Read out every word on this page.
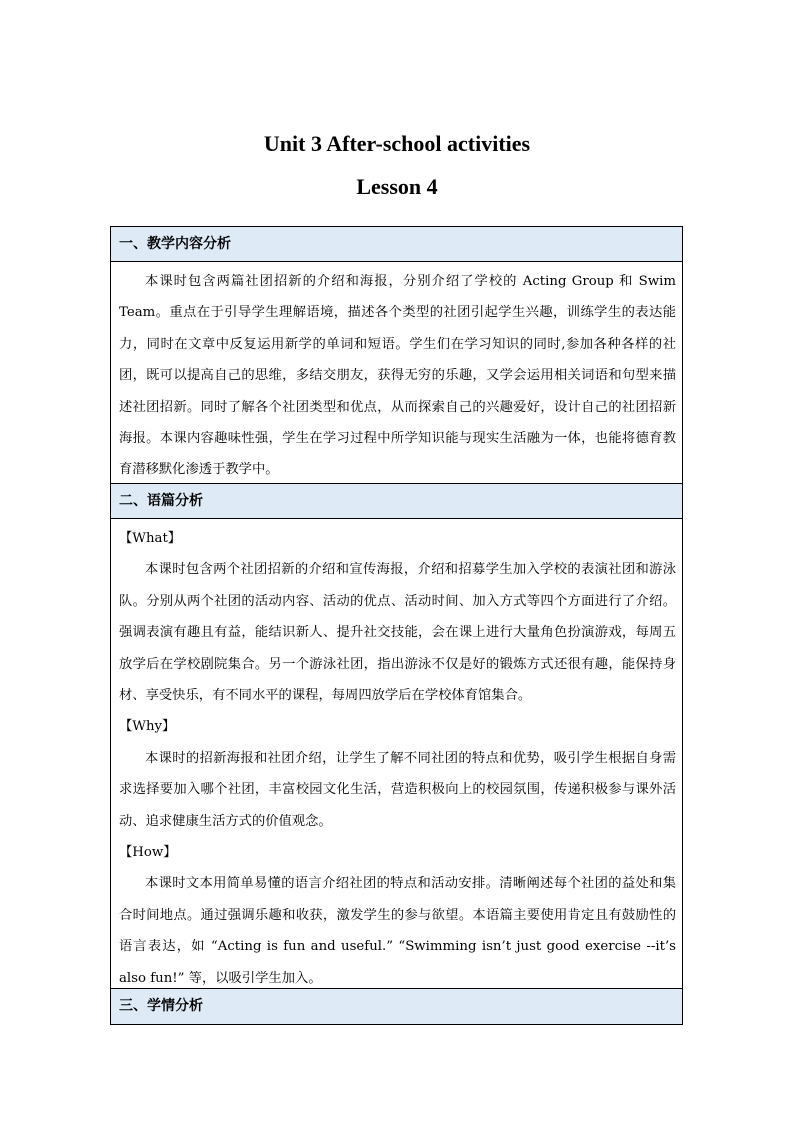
Unit 3 After-school activities
Lesson 4
一、教学内容分析

本课时包含两篇社团招新的介绍和海报，分别介绍了学校的 Acting Group 和 Swim Team。重点在于引导学生理解语境，描述各个类型的社团引起学生兴趣，训练学生的表达能力，同时在文章中反复运用新学的单词和短语。学生们在学习知识的同时,参加各种各样的社团，既可以提高自己的思维，多结交朋友，获得无穷的乐趣，又学会运用相关词语和句型来描述社团招新。同时了解各个社团类型和优点，从而探索自己的兴趣爱好，设计自己的社团招新海报。本课内容趣味性强，学生在学习过程中所学知识能与现实生活融为一体，也能将德育教育潜移默化渗透于教学中。

二、语篇分析

【What】

本课时包含两个社团招新的介绍和宣传海报，介绍和招募学生加入学校的表演社团和游泳队。分别从两个社团的活动内容、活动的优点、活动时间、加入方式等四个方面进行了介绍。强调表演有趣且有益，能结识新人、提升社交技能，会在课上进行大量角色扮演游戏，每周五放学后在学校剧院集合。另一个游泳社团，指出游泳不仅是好的锻炼方式还很有趣，能保持身材、享受快乐，有不同水平的课程，每周四放学后在学校体育馆集合。

【Why】

本课时的招新海报和社团介绍，让学生了解不同社团的特点和优势，吸引学生根据自身需求选择要加入哪个社团，丰富校园文化生活，营造积极向上的校园氛围，传递积极参与课外活动、追求健康生活方式的价值观念。

【How】

本课时文本用简单易懂的语言介绍社团的特点和活动安排。清晰阐述每个社团的益处和集合时间地点。通过强调乐趣和收获，激发学生的参与欲望。本语篇主要使用肯定且有鼓励性的语言表达，如 “Acting is fun and useful.” “Swimming isn’t just good exercise --it’s also fun!” 等，以吸引学生加入。

三、学情分析
